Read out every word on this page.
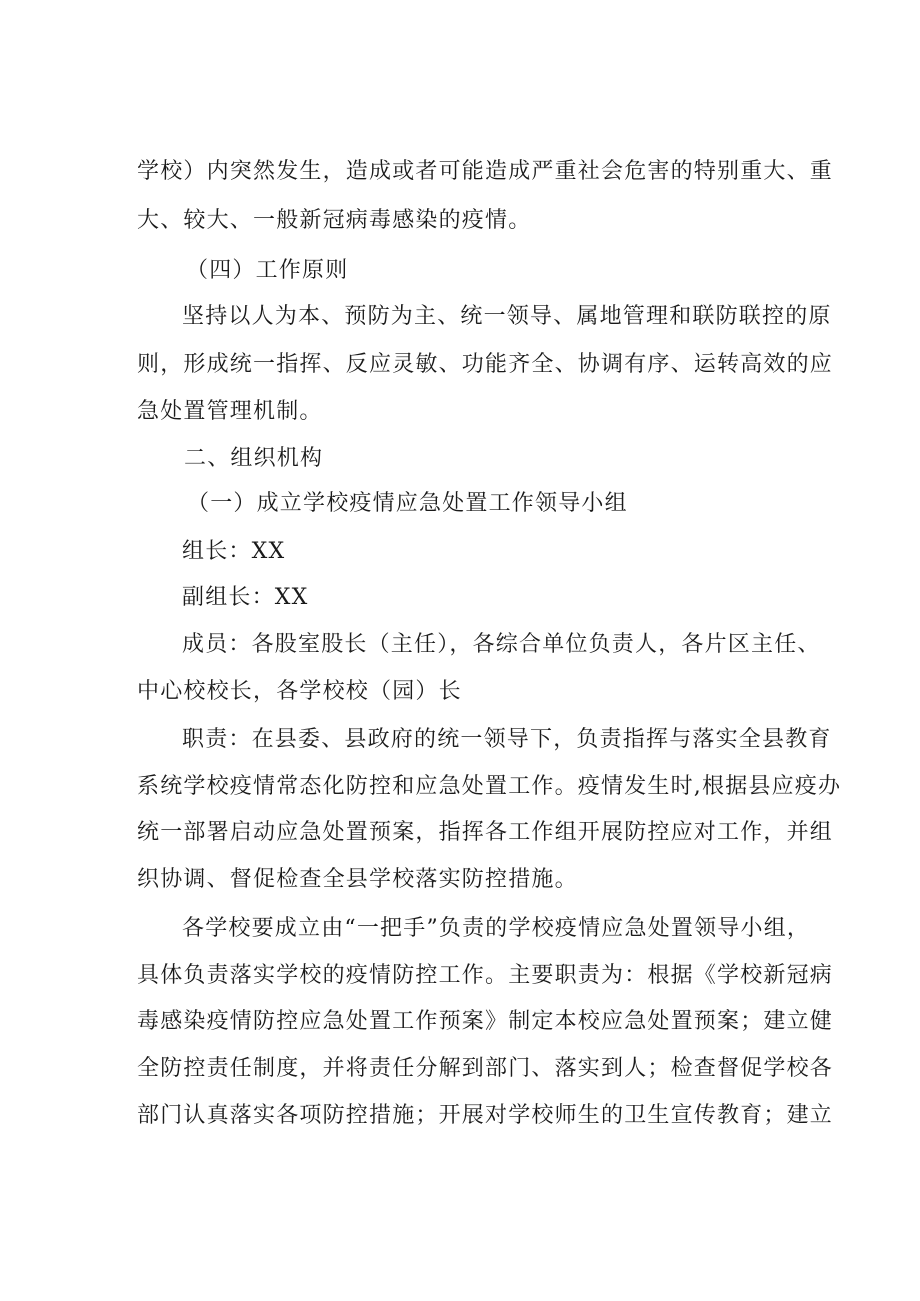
学校）内突然发生，造成或者可能造成严重社会危害的特别重大、重
大、较大、一般新冠病毒感染的疫情。
（四）工作原则
坚持以人为本、预防为主、统一领导、属地管理和联防联控的原
则，形成统一指挥、反应灵敏、功能齐全、协调有序、运转高效的应
急处置管理机制。
二、组织机构
（一）成立学校疫情应急处置工作领导小组
组长：XX
副组长：XX
成员：各股室股长（主任），各综合单位负责人，各片区主任、
中心校校长，各学校校（园）长
职责：在县委、县政府的统一领导下，负责指挥与落实全县教育
系统学校疫情常态化防控和应急处置工作。疫情发生时,根据县应疫办
统一部署启动应急处置预案，指挥各工作组开展防控应对工作，并组
织协调、督促检查全县学校落实防控措施。
各学校要成立由“一把手”负责的学校疫情应急处置领导小组，
具体负责落实学校的疫情防控工作。主要职责为：根据《学校新冠病
毒感染疫情防控应急处置工作预案》制定本校应急处置预案；建立健
全防控责任制度，并将责任分解到部门、落实到人；检查督促学校各
部门认真落实各项防控措施；开展对学校师生的卫生宣传教育；建立
